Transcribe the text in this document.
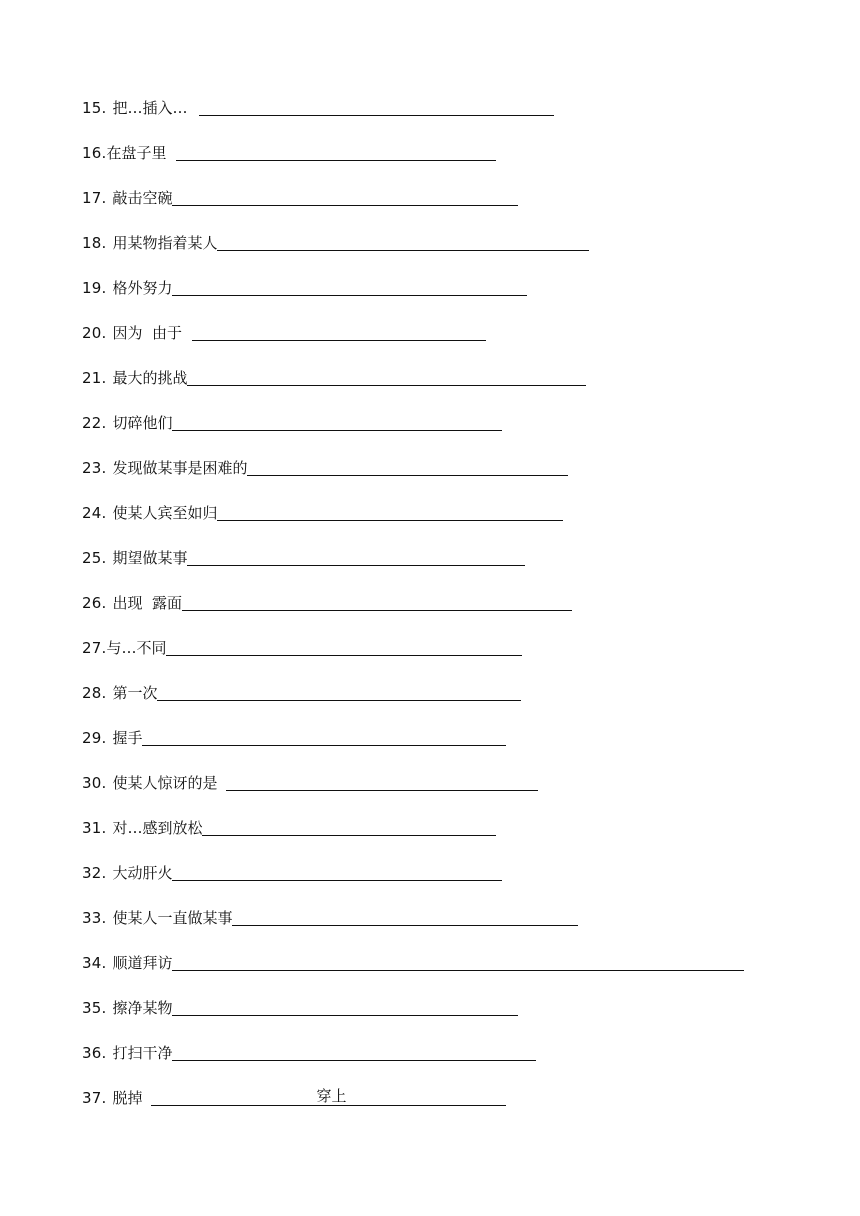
15. 把…插入…
16. 在盘子里
17. 敲击空碗
18. 用某物指着某人
19. 格外努力
20. 因为  由于
21. 最大的挑战
22. 切碎他们
23. 发现做某事是困难的
24. 使某人宾至如归
25. 期望做某事
26. 出现  露面
27. 与…不同
28. 第一次
29. 握手
30. 使某人惊讶的是
31. 对…感到放松
32. 大动肝火
33. 使某人一直做某事
34. 顺道拜访
35. 擦净某物
36. 打扫干净
37. 脱掉	穿上
